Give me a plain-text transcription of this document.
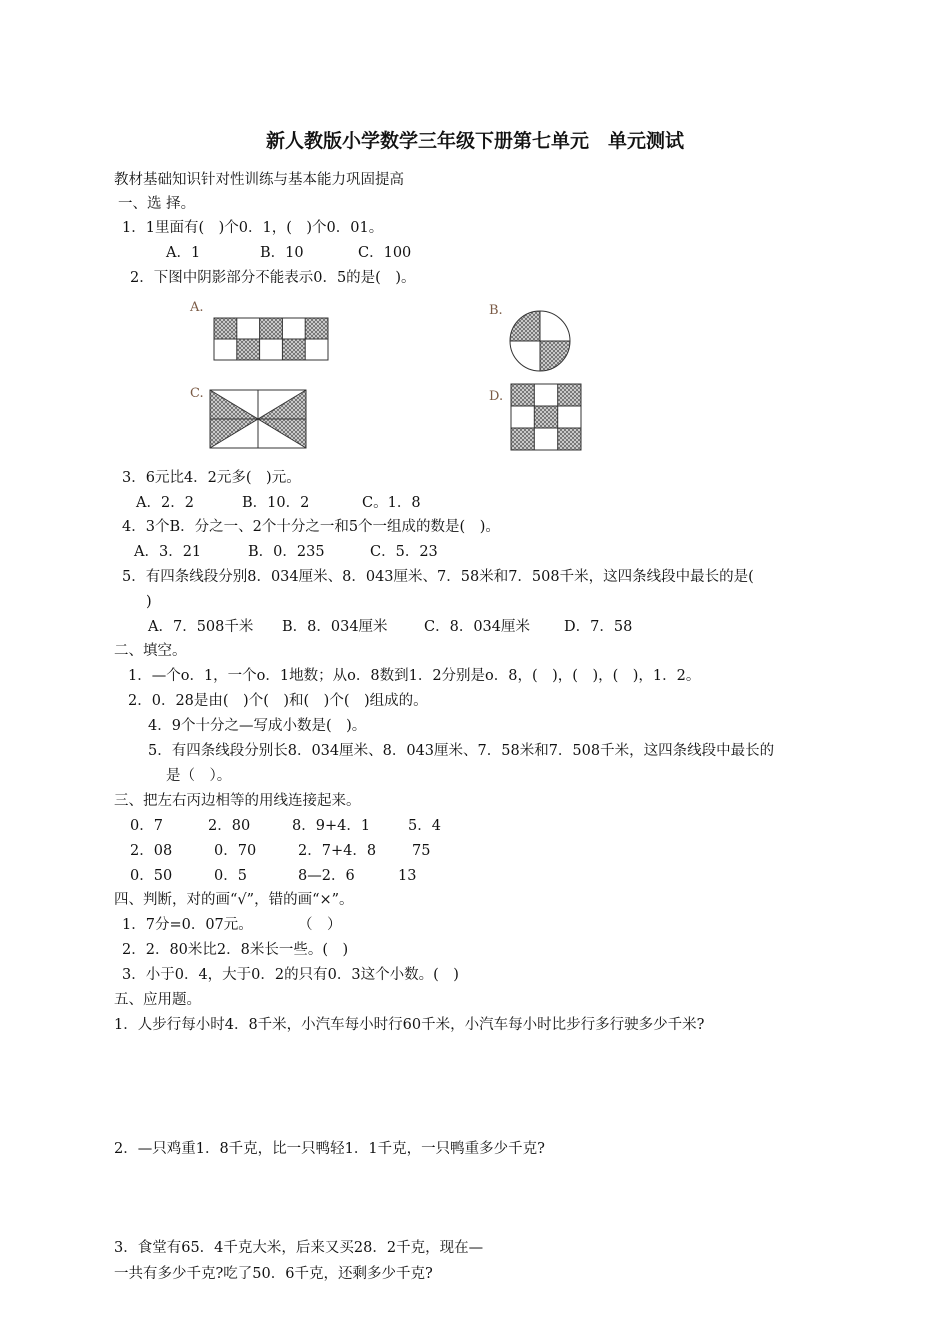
新人教版小学数学三年级下册第七单元　单元测试
教材基础知识针对性训练与基本能力巩固提高
一、选 择。
1．1里面有(　)个0．1，(　)个0．01。
A．1	B．10	C．100
2．下图中阴影部分不能表示0．5的是(　)。
A.	B.
C.	D.
3．6元比4．2元多(　)元。
A．2．2	B．10．2	C。1．8
4．3个B．分之一、2个十分之一和5个一组成的数是(　)。
A．3．21	B．0．235	C．5．23
5．有四条线段分别8．034厘米、8．043厘米、7．58米和7．508千米，这四条线段中最长的是(
)
A．7．508千米 B．8．034厘米	C．8．034厘米 D．7．58
二、填空。
1．—个o．1，一个o．1地数；从o．8数到1．2分别是o．8，(　)，(　)，(　)，1．2。
2．0．28是由(　)个(　)和(　)个(　)组成的。
4．9个十分之—写成小数是(　)。
5．有四条线段分别长8．034厘米、8．043厘米、7．58米和7．508千米，这四条线段中最长的
是（　）。
三、把左右丙边相等的用线连接起来。
0．7	2．80	8．9+4．1	5．4
2．08	0．70	2．7+4．8 75
0．50	0．5	8—2．6	13
四、判断，对的画“√”，错的画“×”。
1．7分=0．07元。	（　）
2．2．80米比2．8米长一些。(　)
3．小于0．4，大于0．2的只有0．3这个小数。(　)
五、应用题。
1．人步行每小时4．8千米，小汽车每小时行60千米，小汽车每小时比步行多行驶多少千米?
2．—只鸡重1．8千克，比一只鸭轻1．1千克，一只鸭重多少千克?
3．食堂有65．4千克大米，后来又买28．2千克，现在—
一共有多少千克?吃了50．6千克，还剩多少千克?
